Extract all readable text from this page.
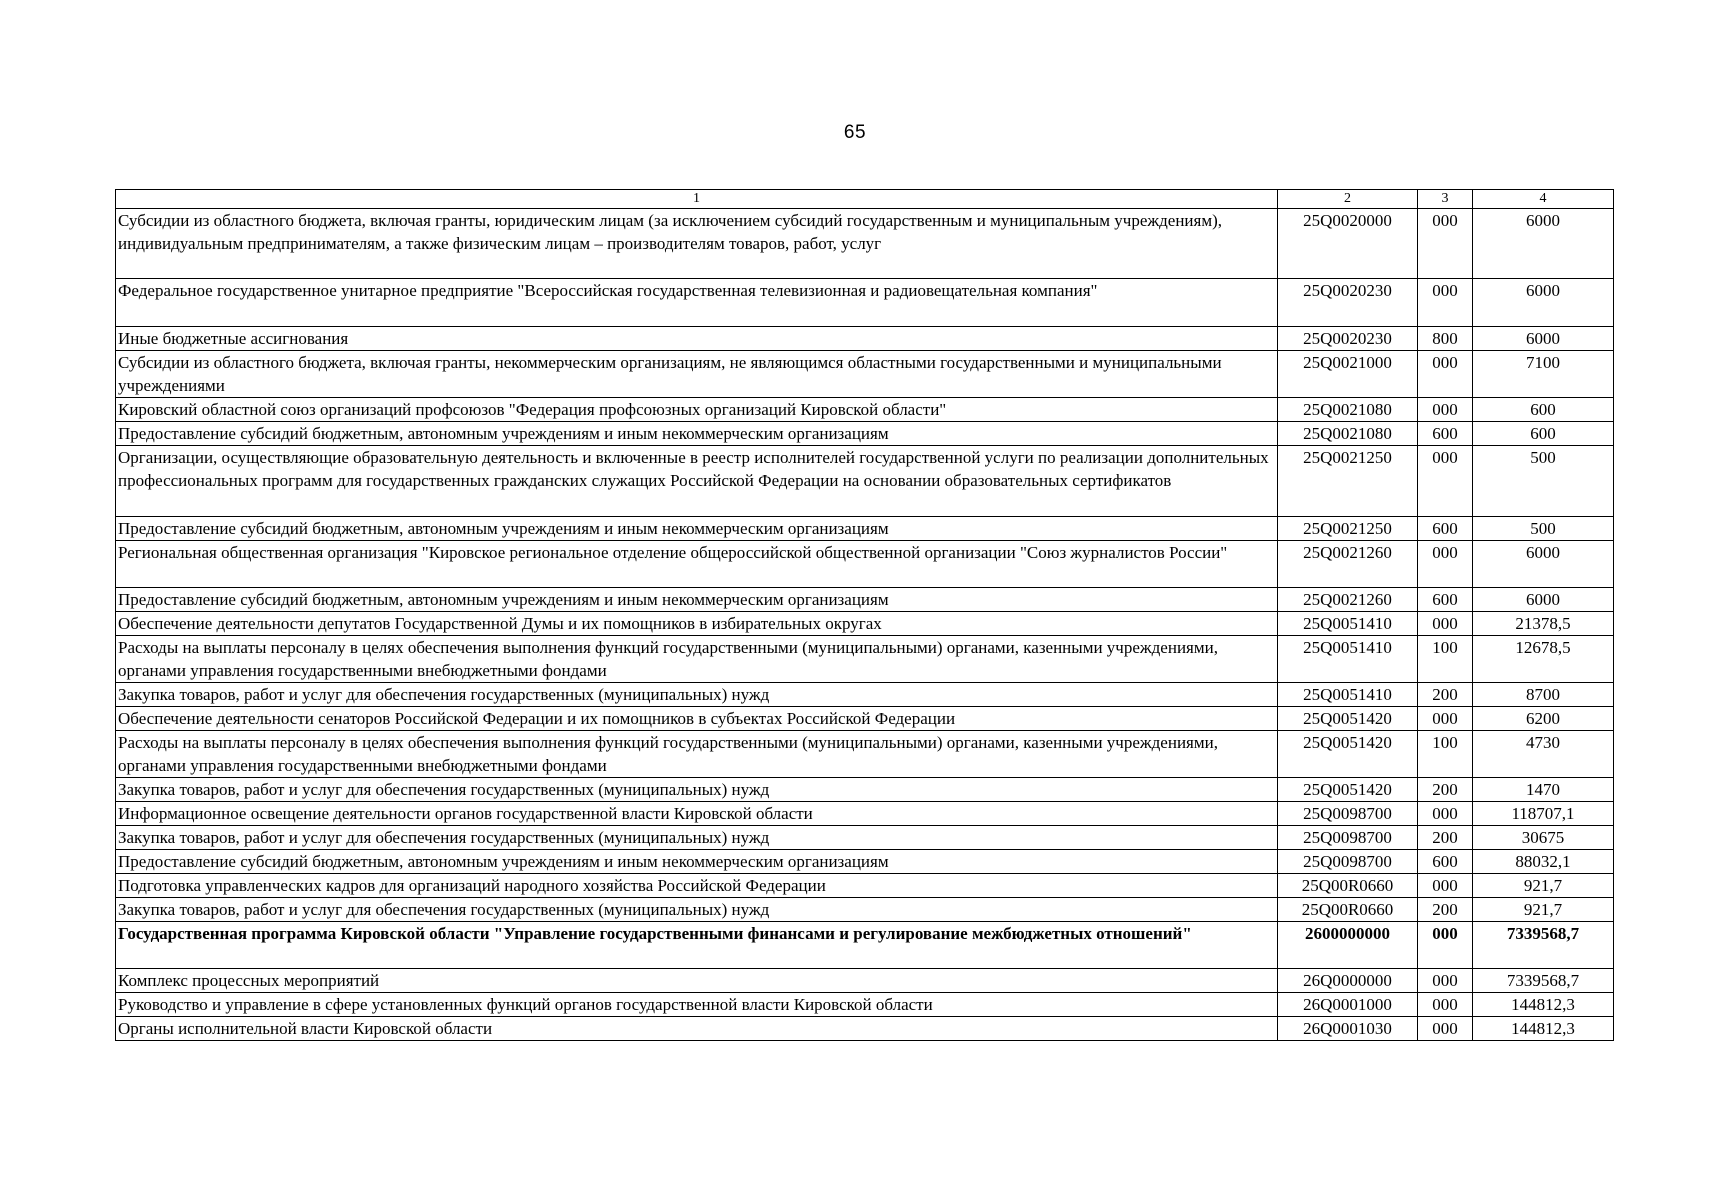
65
1	2	3	4
Субсидии из областного бюджета, включая гранты, юридическим лицам (за исключением субсидий государственным и муниципальным учреждениям), индивидуальным предпринимателям, а также физическим лицам – производителям товаров, работ, услуг	25Q0020000	000	6000
Федеральное государственное унитарное предприятие "Всероссийская государственная телевизионная и радиовещательная компания"	25Q0020230	000	6000
Иные бюджетные ассигнования	25Q0020230	800	6000
Субсидии из областного бюджета, включая гранты, некоммерческим организациям, не являющимся областными государственными и муниципальными учреждениями	25Q0021000	000	7100
Кировский областной союз организаций профсоюзов "Федерация профсоюзных организаций Кировской области"	25Q0021080	000	600
Предоставление субсидий бюджетным, автономным учреждениям и иным некоммерческим организациям	25Q0021080	600	600
Организации, осуществляющие образовательную деятельность и включенные в реестр исполнителей государственной услуги по реализации дополнительных профессиональных программ для государственных гражданских служащих Российской Федерации на основании образовательных сертификатов	25Q0021250	000	500
Предоставление субсидий бюджетным, автономным учреждениям и иным некоммерческим организациям	25Q0021250	600	500
Региональная общественная организация "Кировское региональное отделение общероссийской общественной организации "Союз журналистов России"	25Q0021260	000	6000
Предоставление субсидий бюджетным, автономным учреждениям и иным некоммерческим организациям	25Q0021260	600	6000
Обеспечение деятельности депутатов Государственной Думы и их помощников в избирательных округах	25Q0051410	000	21378,5
Расходы на выплаты персоналу в целях обеспечения выполнения функций государственными (муниципальными) органами, казенными учреждениями, органами управления государственными внебюджетными фондами	25Q0051410	100	12678,5
Закупка товаров, работ и услуг для обеспечения государственных (муниципальных) нужд	25Q0051410	200	8700
Обеспечение деятельности сенаторов Российской Федерации и их помощников в субъектах Российской Федерации	25Q0051420	000	6200
Расходы на выплаты персоналу в целях обеспечения выполнения функций государственными (муниципальными) органами, казенными учреждениями, органами управления государственными внебюджетными фондами	25Q0051420	100	4730
Закупка товаров, работ и услуг для обеспечения государственных (муниципальных) нужд	25Q0051420	200	1470
Информационное освещение деятельности органов государственной власти Кировской области	25Q0098700	000	118707,1
Закупка товаров, работ и услуг для обеспечения государственных (муниципальных) нужд	25Q0098700	200	30675
Предоставление субсидий бюджетным, автономным учреждениям и иным некоммерческим организациям	25Q0098700	600	88032,1
Подготовка управленческих кадров для организаций народного хозяйства Российской Федерации	25Q00R0660	000	921,7
Закупка товаров, работ и услуг для обеспечения государственных (муниципальных) нужд	25Q00R0660	200	921,7
Государственная программа Кировской области "Управление государственными финансами и регулирование межбюджетных отношений"	2600000000	000	7339568,7
Комплекс процессных мероприятий	26Q0000000	000	7339568,7
Руководство и управление в сфере установленных функций органов государственной власти Кировской области	26Q0001000	000	144812,3
Органы исполнительной власти Кировской области	26Q0001030	000	144812,3
